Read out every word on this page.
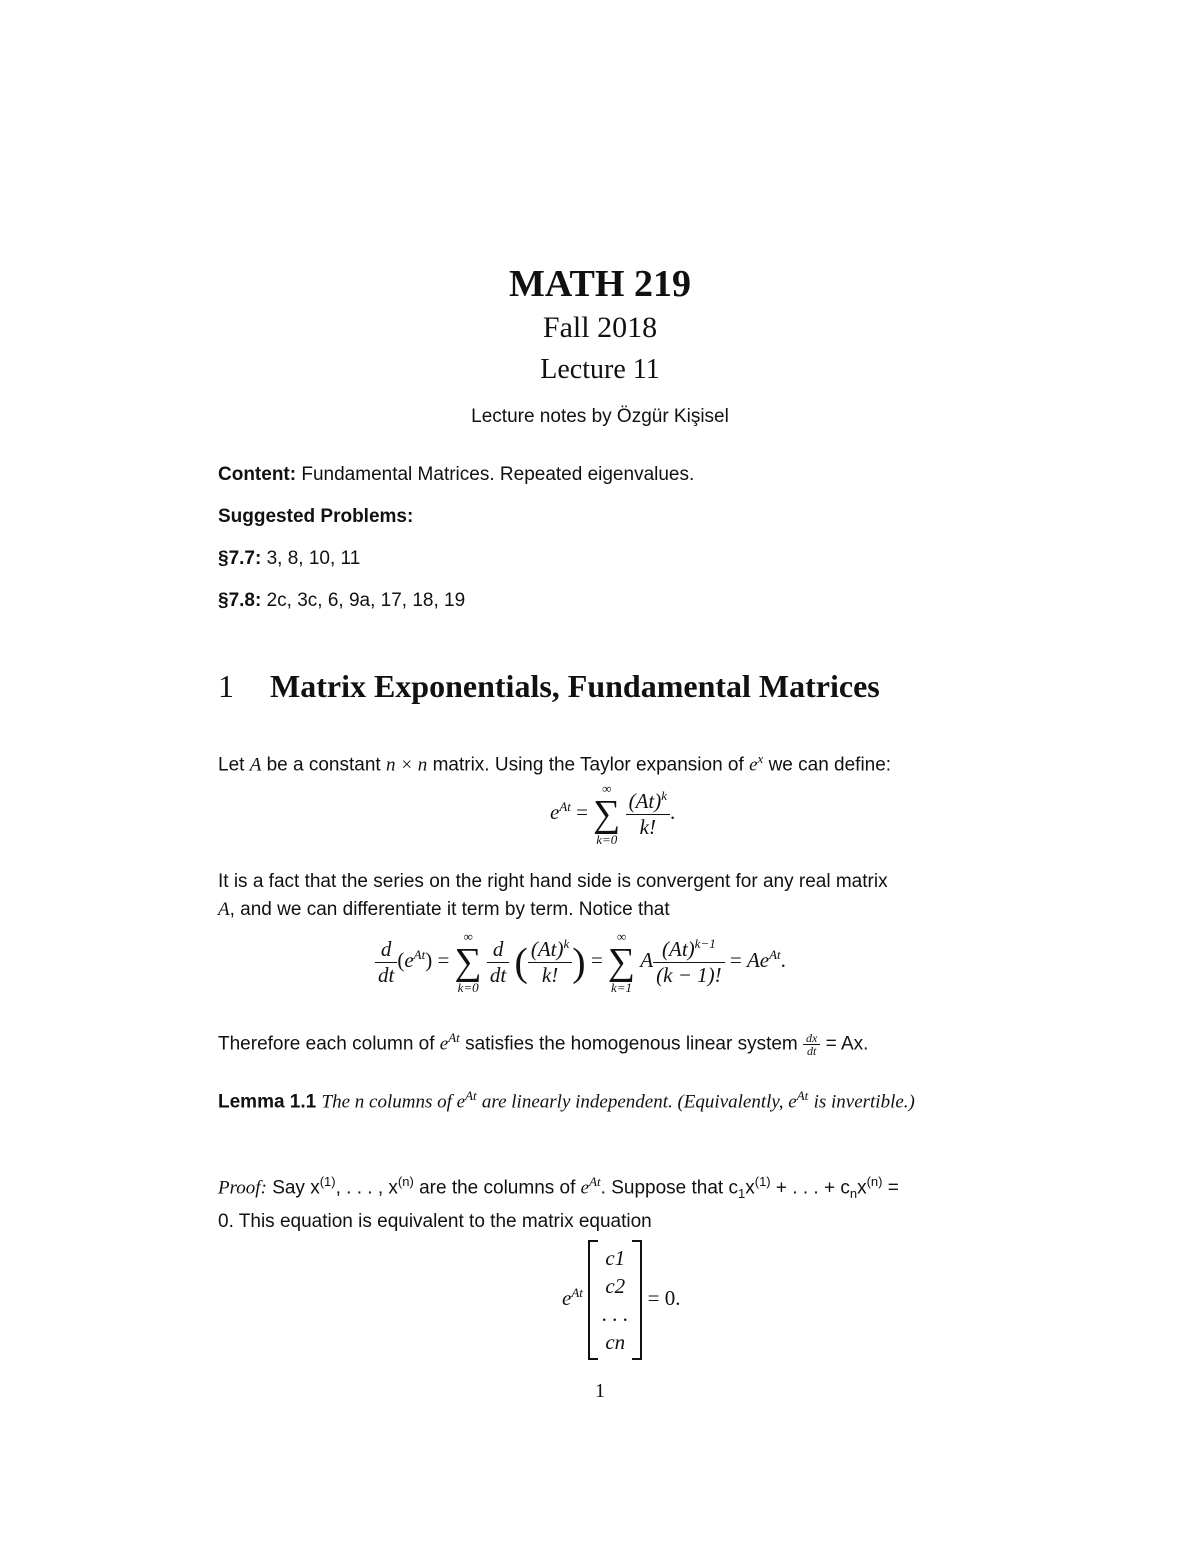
MATH 219
Fall 2018
Lecture 11
Lecture notes by Özgür Kişisel
Content: Fundamental Matrices. Repeated eigenvalues.
Suggested Problems:
§7.7: 3, 8, 10, 11
§7.8: 2c, 3c, 6, 9a, 17, 18, 19
1 Matrix Exponentials, Fundamental Matrices
Let A be a constant n × n matrix. Using the Taylor expansion of $e^x$ we can define:
$e^{At}$ =
∞
∑
k=0
$\frac{(At)^k}{k!}$ .
It is a fact that the series on the right hand side is convergent for any real matrix
A, and we can differentiate it term by term. Notice that
$\frac{d}{dt} (e^{At})$ =
∞
∑
k=0
$\frac{d}{dt}$ ( $\frac{(At)^k}{k!}$ ) =
∞
∑
k=1
A $\frac{(At)^{k-1}}{(k - 1)!} = Ae^{At}$.
Therefore each column of $e^{At}$ satisfies the homogenous linear system $\frac{dx}{dt} = Ax$.
Lemma 1.1 The n columns of $e^{At}$ are linearly independent. (Equivalently, $e^{At}$ is invertible.)
Proof: Say $x^{(1)}$, . . . , $x^{(n)}$ are the columns of $e^{At}$. Suppose that $c_1x^{(1)}$ + . . . + $c_nx^{(n)}$ =
0. This equation is equivalent to the matrix equation
$e^{At}$ c1
c2
. . .
cn = 0.
1
